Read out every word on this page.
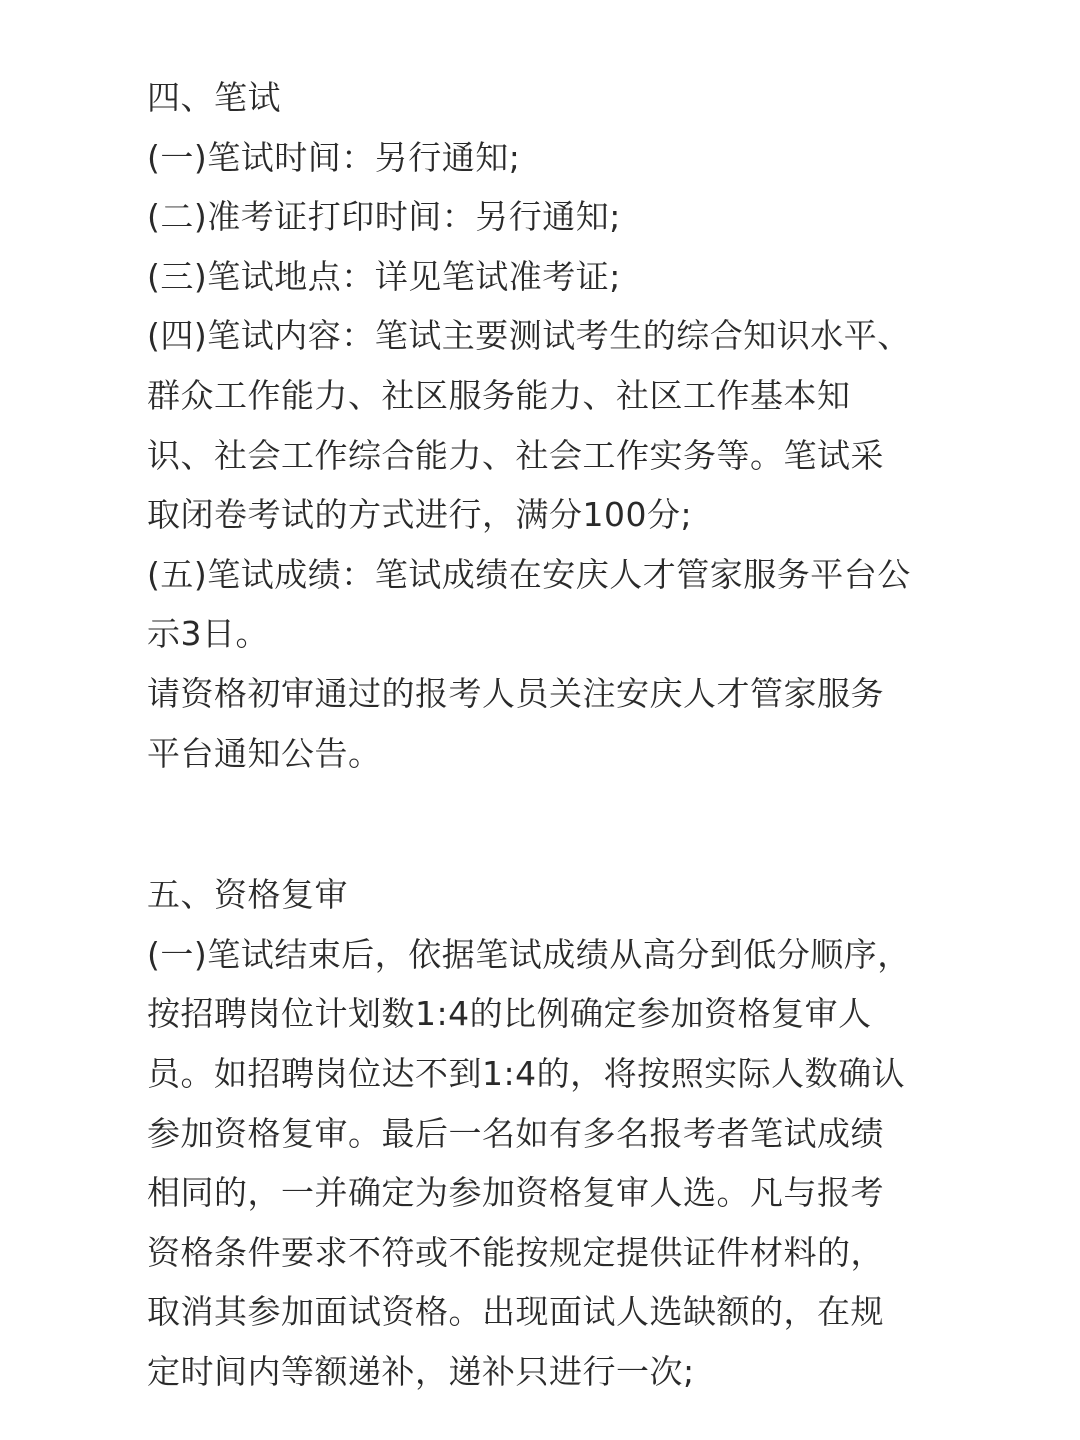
四、笔试
(一)笔试时间：另行通知;
(二)准考证打印时间：另行通知;
(三)笔试地点：详见笔试准考证;
(四)笔试内容：笔试主要测试考生的综合知识水平、
群众工作能力、社区服务能力、社区工作基本知
识、社会工作综合能力、社会工作实务等。笔试采
取闭卷考试的方式进行，满分100分;
(五)笔试成绩：笔试成绩在安庆人才管家服务平台公
示3日。
请资格初审通过的报考人员关注安庆人才管家服务
平台通知公告。
五、资格复审
(一)笔试结束后，依据笔试成绩从高分到低分顺序，
按招聘岗位计划数1:4的比例确定参加资格复审人
员。如招聘岗位达不到1:4的，将按照实际人数确认
参加资格复审。最后一名如有多名报考者笔试成绩
相同的，一并确定为参加资格复审人选。凡与报考
资格条件要求不符或不能按规定提供证件材料的，
取消其参加面试资格。出现面试人选缺额的，在规
定时间内等额递补，递补只进行一次;
